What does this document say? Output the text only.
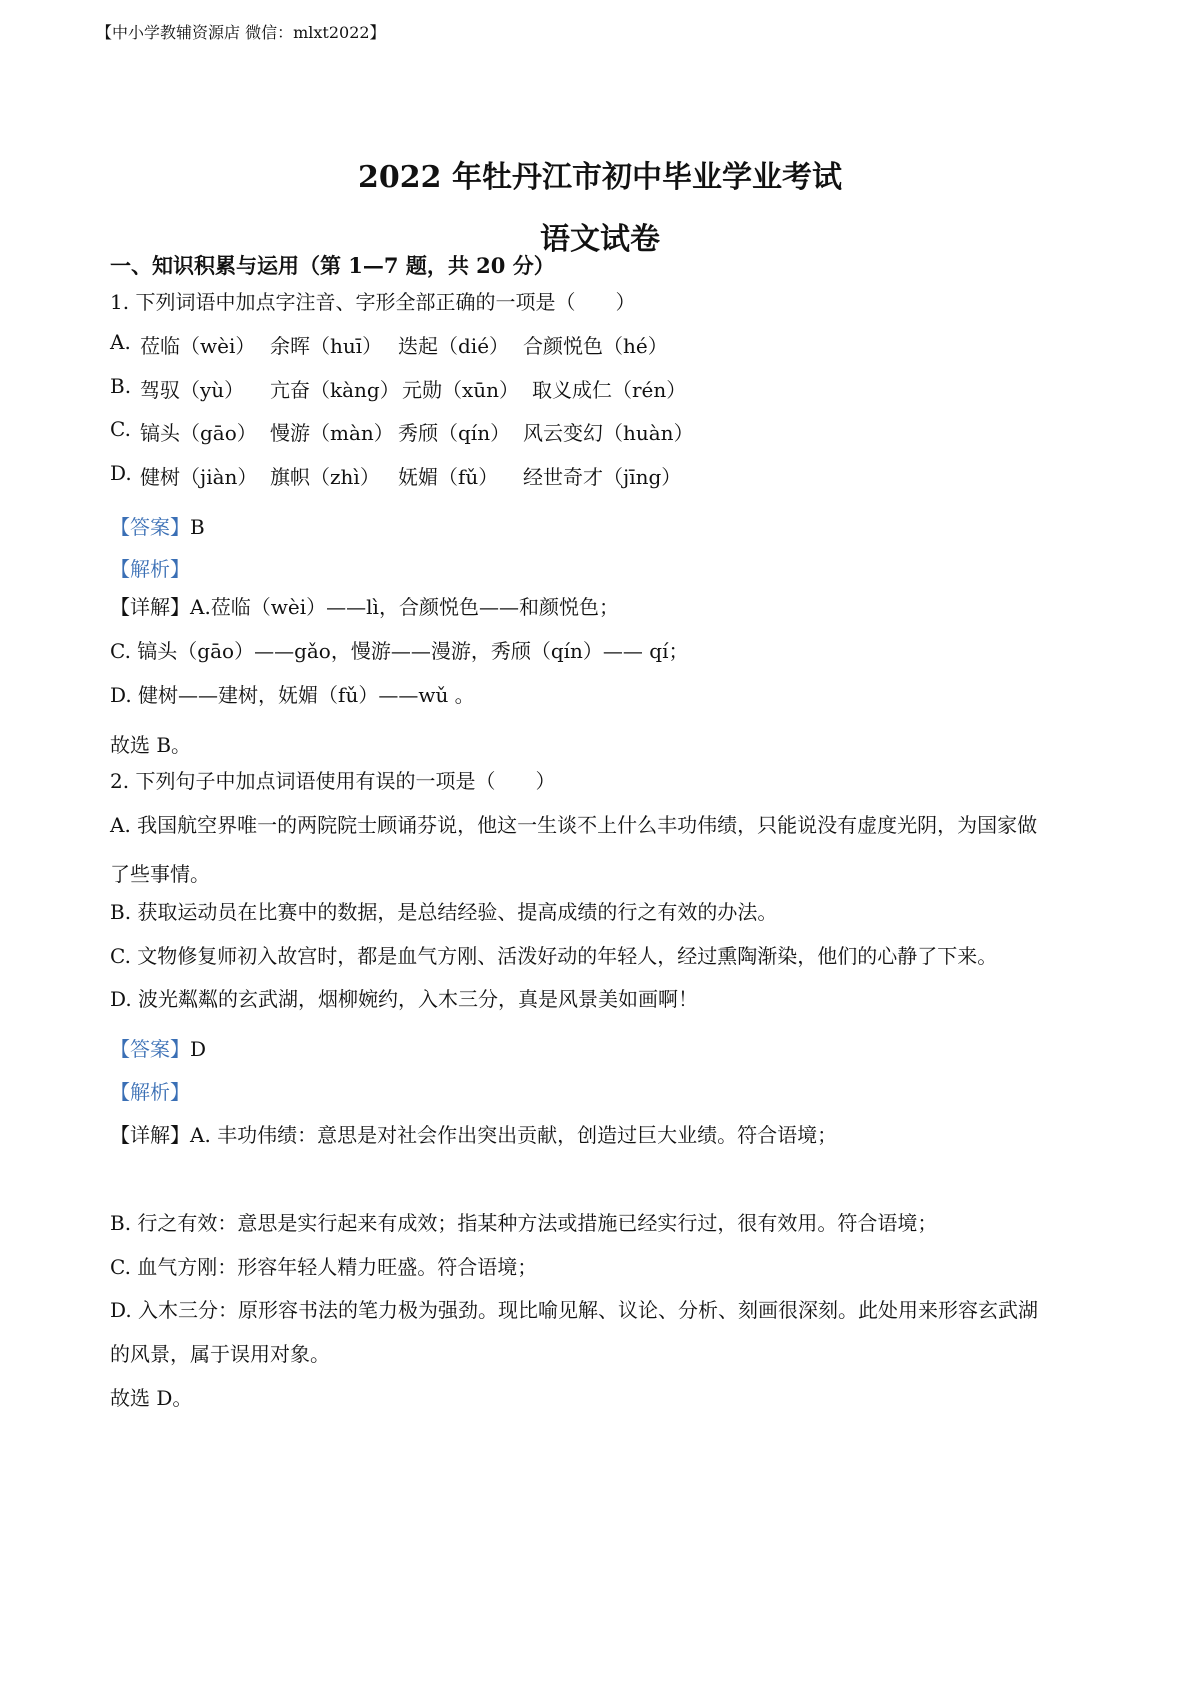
【中小学教辅资源店 微信：mlxt2022】
2022 年牡丹江市初中毕业学业考试
语文试卷
一、知识积累与运用（第 1—7 题，共 20 分）
1. 下列词语中加点字注音、字形全部正确的一项是（　　）
A. 莅临（wèi） 余晖（huī） 迭起（dié） 合颜悦色（hé）
B. 驾驭（yù） 亢奋（kàng） 元勋（xūn） 取义成仁（rén）
C. 镐头（gāo） 慢游（màn） 秀颀（qín） 风云变幻（huàn）
D. 健树（jiàn） 旗帜（zhì） 妩媚（fǔ） 经世奇才（jīng）
【答案】B
【解析】
【详解】A.莅临（wèi）——lì，合颜悦色——和颜悦色；
C. 镐头（gāo）——gǎo，慢游——漫游，秀颀（qín）—— qí；
D. 健树——建树，妩媚（fǔ）——wǔ 。
故选 B。
2. 下列句子中加点词语使用有误的一项是（　　）
A. 我国航空界唯一的两院院士顾诵芬说，他这一生谈不上什么丰功伟绩，只能说没有虚度光阴，为国家做
了些事情。
B. 获取运动员在比赛中的数据，是总结经验、提高成绩的行之有效的办法。
C. 文物修复师初入故宫时，都是血气方刚、活泼好动的年轻人，经过熏陶渐染，他们的心静了下来。
D. 波光粼粼的玄武湖，烟柳婉约，入木三分，真是风景美如画啊！
【答案】D
【解析】
【详解】A. 丰功伟绩：意思是对社会作出突出贡献，创造过巨大业绩。符合语境；
B. 行之有效：意思是实行起来有成效；指某种方法或措施已经实行过，很有效用。符合语境；
C. 血气方刚：形容年轻人精力旺盛。符合语境；
D. 入木三分：原形容书法的笔力极为强劲。现比喻见解、议论、分析、刻画很深刻。此处用来形容玄武湖
的风景，属于误用对象。
故选 D。
